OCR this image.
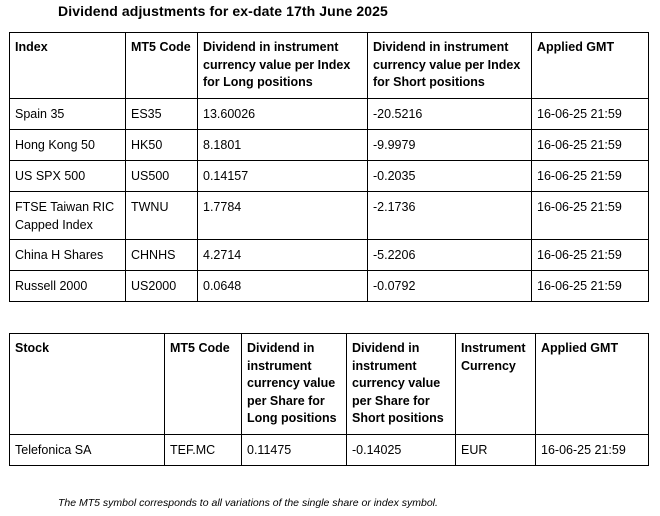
Dividend adjustments for ex-date 17th June 2025
Index	MT5 Code	Dividend in instrument currency value per Index for Long positions	Dividend in instrument currency value per Index for Short positions	Applied GMT
Spain 35	ES35	13.60026	-20.5216	16-06-25 21:59
Hong Kong 50	HK50	8.1801	-9.9979	16-06-25 21:59
US SPX 500	US500	0.14157	-0.2035	16-06-25 21:59
FTSE Taiwan RIC Capped Index	TWNU	1.7784	-2.1736	16-06-25 21:59
China H Shares	CHNHS	4.2714	-5.2206	16-06-25 21:59
Russell 2000	US2000	0.0648	-0.0792	16-06-25 21:59
Stock	MT5 Code	Dividend in instrument currency value per Share for Long positions	Dividend in instrument currency value per Share for Short positions	Instrument Currency	Applied GMT
Telefonica SA	TEF.MC	0.11475	-0.14025	EUR	16-06-25 21:59
The MT5 symbol corresponds to all variations of the single share or index symbol.
